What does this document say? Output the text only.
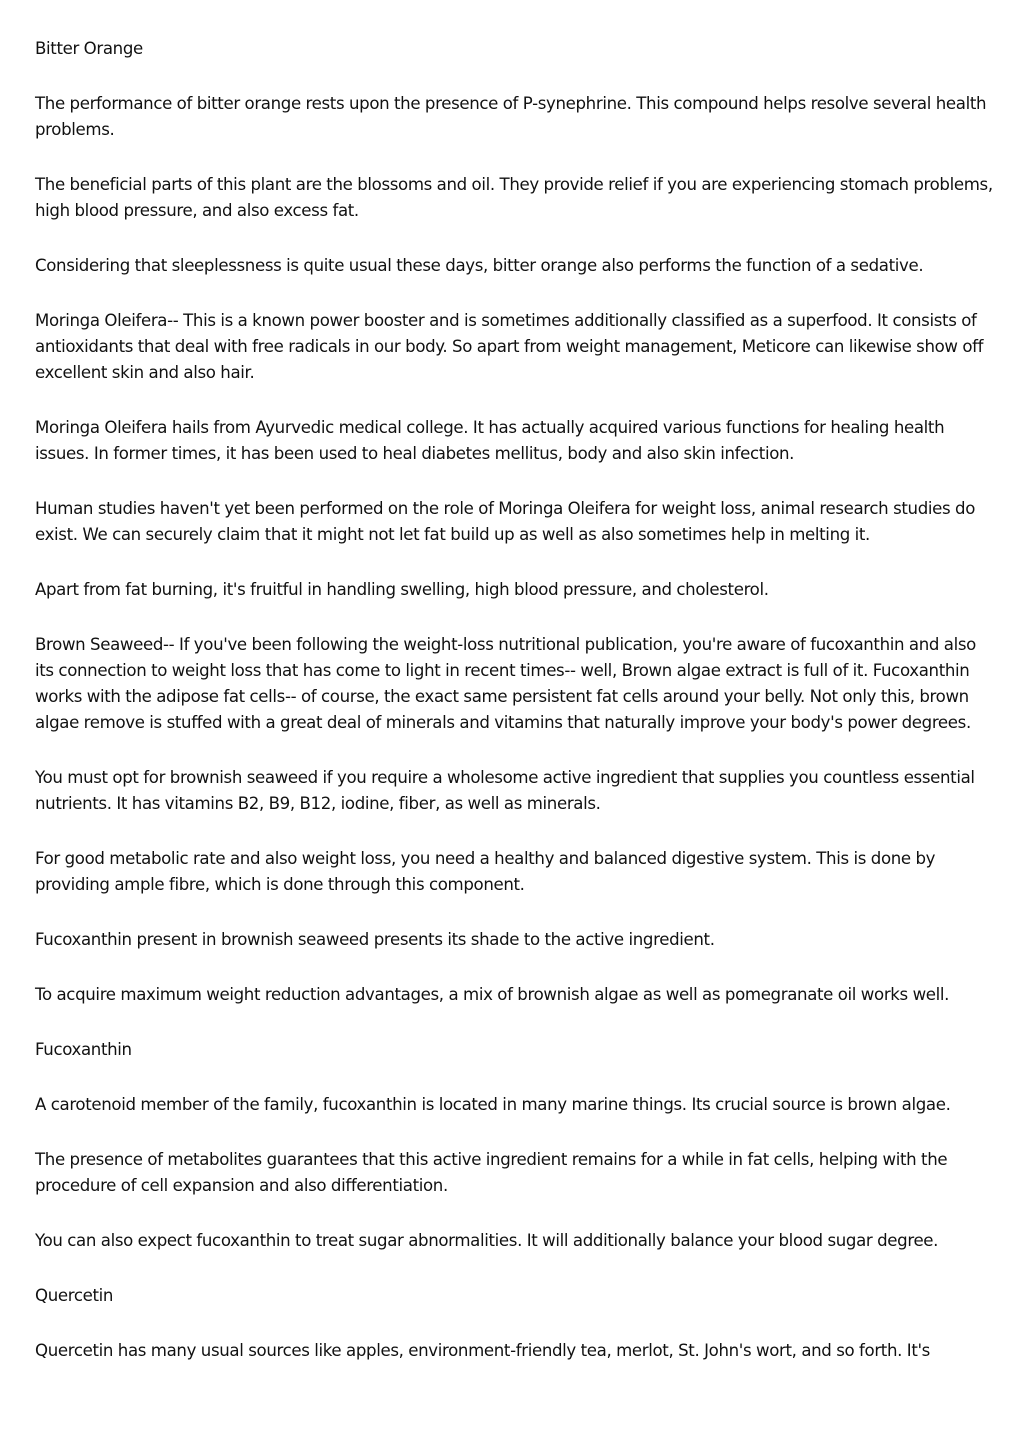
Bitter Orange

The performance of bitter orange rests upon the presence of P-synephrine. This compound helps resolve several health problems.

The beneficial parts of this plant are the blossoms and oil. They provide relief if you are experiencing stomach problems, high blood pressure, and also excess fat.

Considering that sleeplessness is quite usual these days, bitter orange also performs the function of a sedative.

Moringa Oleifera-- This is a known power booster and is sometimes additionally classified as a superfood. It consists of antioxidants that deal with free radicals in our body. So apart from weight management, Meticore can likewise show off excellent skin and also hair.

Moringa Oleifera hails from Ayurvedic medical college. It has actually acquired various functions for healing health issues. In former times, it has been used to heal diabetes mellitus, body and also skin infection.

Human studies haven't yet been performed on the role of Moringa Oleifera for weight loss, animal research studies do exist. We can securely claim that it might not let fat build up as well as also sometimes help in melting it.

Apart from fat burning, it's fruitful in handling swelling, high blood pressure, and cholesterol.

Brown Seaweed-- If you've been following the weight-loss nutritional publication, you're aware of fucoxanthin and also its connection to weight loss that has come to light in recent times-- well, Brown algae extract is full of it. Fucoxanthin works with the adipose fat cells-- of course, the exact same persistent fat cells around your belly. Not only this, brown algae remove is stuffed with a great deal of minerals and vitamins that naturally improve your body's power degrees.

You must opt for brownish seaweed if you require a wholesome active ingredient that supplies you countless essential nutrients. It has vitamins B2, B9, B12, iodine, fiber, as well as minerals.

For good metabolic rate and also weight loss, you need a healthy and balanced digestive system. This is done by providing ample fibre, which is done through this component.

Fucoxanthin present in brownish seaweed presents its shade to the active ingredient.

To acquire maximum weight reduction advantages, a mix of brownish algae as well as pomegranate oil works well.

Fucoxanthin

A carotenoid member of the family, fucoxanthin is located in many marine things. Its crucial source is brown algae.

The presence of metabolites guarantees that this active ingredient remains for a while in fat cells, helping with the procedure of cell expansion and also differentiation.

You can also expect fucoxanthin to treat sugar abnormalities. It will additionally balance your blood sugar degree.

Quercetin

Quercetin has many usual sources like apples, environment-friendly tea, merlot, St. John's wort, and so forth. It's
